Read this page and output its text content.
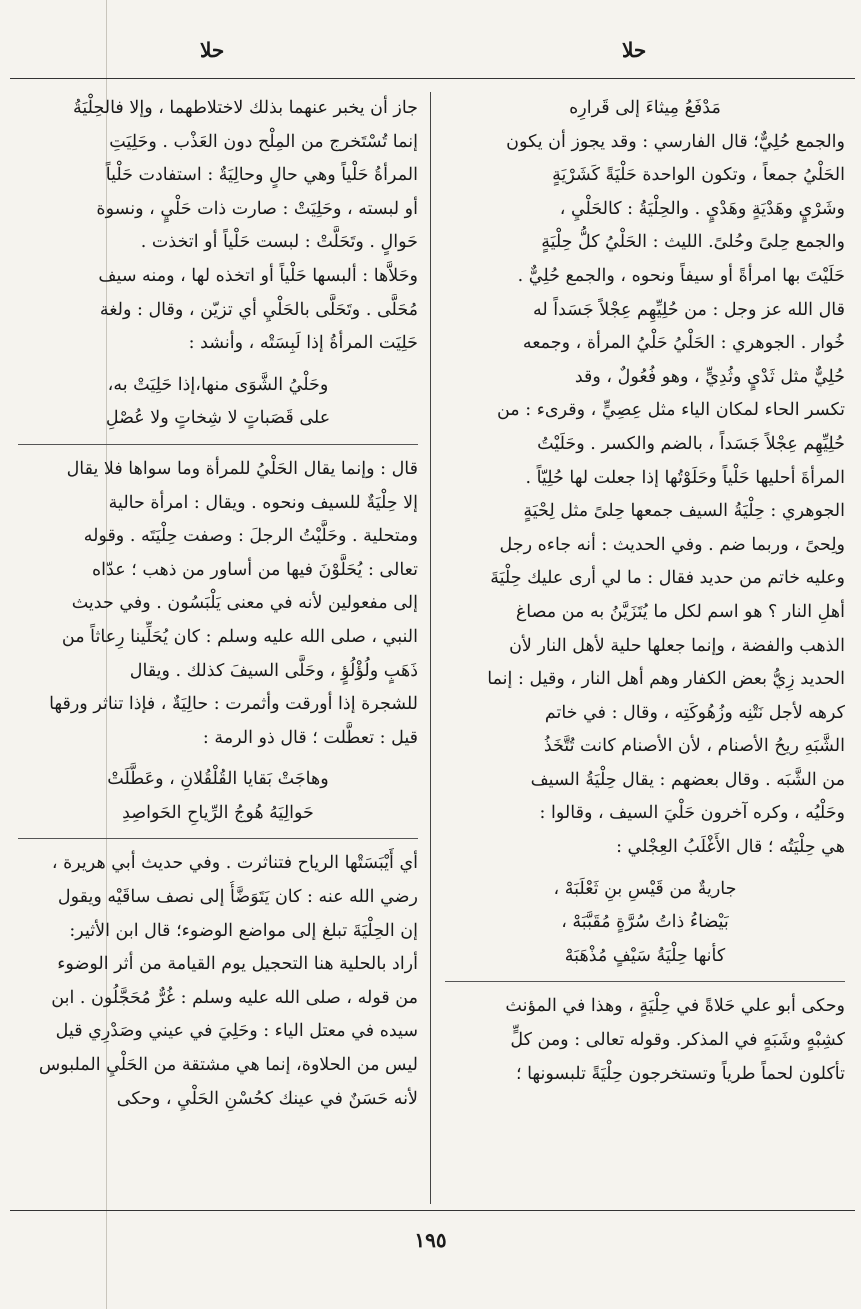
حلا	حلا
مَدْفَعُ مِيثاءَ إلى قَرارِه
والجمع حُلِيٌّ؛ قال الفارسي : وقد يجوز أن يكون
الحَلْيُ جمعاً ، وتكون الواحدة حَلْيَةً كَشَرْيَةٍ
وشَرْيٍ وهَدْيَةٍ وهَدْيٍ . والحِلْيَةُ : كالحَلْيِ ،
والجمع حِلىً وحُلىً. الليث : الحَلْيُ كلُّ حِلْيَةٍ
حَلَيْتَ بها امرأةً أو سيفاً ونحوه ، والجمع حُلِيٌّ .
قال الله عز وجل : من حُلِيِّهِم عِجْلاً جَسَداً له
خُوار . الجوهري : الحَلْيُ حَلْيُ المرأة ، وجمعه
حُلِيٌّ مثل ثَدْيٍ وثُدِيٍّ ، وهو فُعُولٌ ، وقد
تكسر الحاء لمكان الياء مثل عِصِيٍّ ، وقرىء : من
حُلِيِّهِم عِجْلاً جَسَداً ، بالضم والكسر . وحَلَيْتُ
المرأةَ أحليها حَلْياً وحَلَوْتُها إذا جعلت لها حُلِيّاً .
الجوهري : حِلْيَةُ السيف جمعها حِلىً مثل لِحْيَةٍ
ولِحىً ، وربما ضم . وفي الحديث : أنه جاءه رجل
وعليه خاتم من حديد فقال : ما لي أرى عليك حِلْيَةَ
أهلِ النار ؟ هو اسم لكل ما يُتَزَيَّنُ به من مصاغ
الذهب والفضة ، وإنما جعلها حلية لأهل النار لأن
الحديد زِيُّ بعض الكفار وهم أهل النار ، وقيل : إنما
كرهه لأجل نَتْنِه وزُهُوكَتِه ، وقال : في خاتم
الشَّبَهِ ريحُ الأصنام ، لأن الأصنام كانت تُتَّخَذُ
من الشَّبَه . وقال بعضهم : يقال حِلْيَةُ السيف
وحَلْيُه ، وكره آخرون حَلْيَ السيف ، وقالوا :
هي حِلْيَتُه ؛ قال الأَغْلَبُ العِجْلي :
جاريةٌ من قَيْسِ بنِ ثَعْلَبَهْ ،
بَيْضاءُ ذاتُ سُرَّةٍ مُقَبَّبَهْ ،
كأنها حِلْيَةُ سَيْفٍ مُذْهَبَهْ
وحكى أبو علي حَلاةً في حِلْيَةٍ ، وهذا في المؤنث
كشِبْهٍ وشَبَهٍ في المذكر. وقوله تعالى : ومن كلٍّ
تأكلون لحماً طرياً وتستخرجون حِلْيَةً تلبسونها ؛
جاز أن يخبر عنهما بذلك لاختلاطهما ، وإلا فالحِلْيَةُ
إنما تُسْتَخرج من المِلْح دون العَذْب . وحَلِيَتِ
المرأةُ حَلْياً وهي حالٍ وحالِيَةٌ : استفادت حَلْياً
أو لبسته ، وحَلِيَتْ : صارت ذات حَلْيٍ ، ونسوة
حَوالٍ . وتَحَلَّتْ : لبست حَلْياً أو اتخذت .
وحَلاَّها : ألبسها حَلْياً أو اتخذه لها ، ومنه سيف
مُحَلًّى . وتَحَلَّى بالحَلْيِ أي تزيّن ، وقال : ولغة
حَلِيَت المرأةُ إذا لَبِسَتْه ، وأنشد :
وحَلْيُ الشَّوَى منها،إذا حَلِيَتْ به،
على قَصَباتٍ لا شِخاتٍ ولا عُصْلِ
قال : وإنما يقال الحَلْيُ للمرأة وما سواها فلا يقال
إلا حِلْيَةٌ للسيف ونحوه . ويقال : امرأة حالية
ومتحلية . وحَلَّيْتُ الرجلَ : وصفت حِلْيَتَه . وقوله
تعالى : يُحَلَّوْنَ فيها من أساور من ذهب ؛ عدّاه
إلى مفعولين لأنه في معنى يَلْبَسُون . وفي حديث
النبي ، صلى الله عليه وسلم : كان يُحَلِّينا رِعاثاً من
ذَهَبٍ ولُؤْلُؤٍ ، وحَلَّى السيفَ كذلك . ويقال
للشجرة إذا أورقت وأثمرت : حالِيَةٌ ، فإذا تناثر ورقها
قيل : تعطَّلت ؛ قال ذو الرمة :
وهاجَتْ بَقايا القُلْقُلانِ ، وعَطَّلَتْ
حَوالِيَهُ هُوجُ الرِّياحِ الحَواصِدِ
أي أَيْبَسَتْها الرياح فتناثرت . وفي حديث أبي هريرة ،
رضي الله عنه : كان يَتَوَضَّأُ إلى نصف ساقَيْه ويقول
إن الحِلْيَةَ تبلغ إلى مواضع الوضوء؛ قال ابن الأثير:
أراد بالحلية هنا التحجيل يوم القيامة من أثر الوضوء
من قوله ، صلى الله عليه وسلم : غُرٌّ مُحَجَّلُون . ابن
سيده في معتل الياء : وحَلِيَ في عيني وصَدْرِي قيل
ليس من الحلاوة، إنما هي مشتقة من الحَلْيِ الملبوس
لأنه حَسَنٌ في عينك كحُسْنِ الحَلْيِ ، وحكى
١٩٥
